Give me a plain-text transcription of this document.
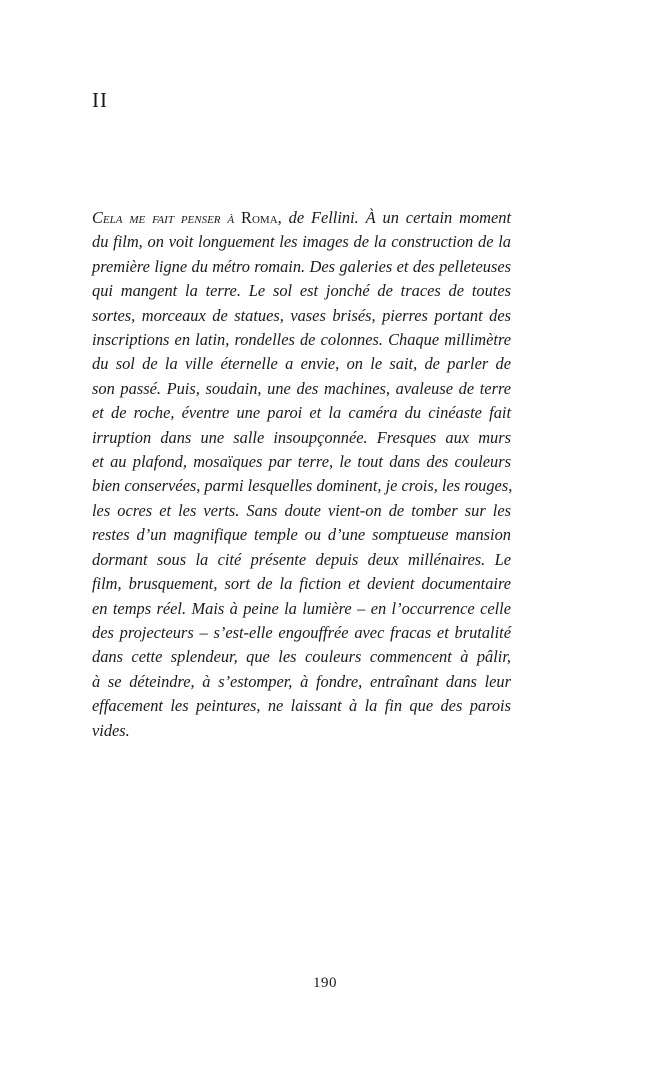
II
Cela me fait penser à Roma, de Fellini. À un certain moment
du film, on voit longuement les images de la construction de la
première ligne du métro romain. Des galeries et des pelleteuses
qui mangent la terre. Le sol est jonché de traces de toutes
sortes, morceaux de statues, vases brisés, pierres portant des
inscriptions en latin, rondelles de colonnes. Chaque millimètre
du sol de la ville éternelle a envie, on le sait, de parler de
son passé. Puis, soudain, une des machines, avaleuse de terre
et de roche, éventre une paroi et la caméra du cinéaste fait
irruption dans une salle insoupçonnée. Fresques aux murs
et au plafond, mosaïques par terre, le tout dans des couleurs
bien conservées, parmi lesquelles dominent, je crois, les rouges,
les ocres et les verts. Sans doute vient-on de tomber sur les
restes d’un magnifique temple ou d’une somptueuse mansion
dormant sous la cité présente depuis deux millénaires. Le
film, brusquement, sort de la fiction et devient documentaire
en temps réel. Mais à peine la lumière – en l’occurrence celle
des projecteurs – s’est-elle engouffrée avec fracas et brutalité
dans cette splendeur, que les couleurs commencent à pâlir,
à se déteindre, à s’estomper, à fondre, entraînant dans leur
effacement les peintures, ne laissant à la fin que des parois
vides.
190
